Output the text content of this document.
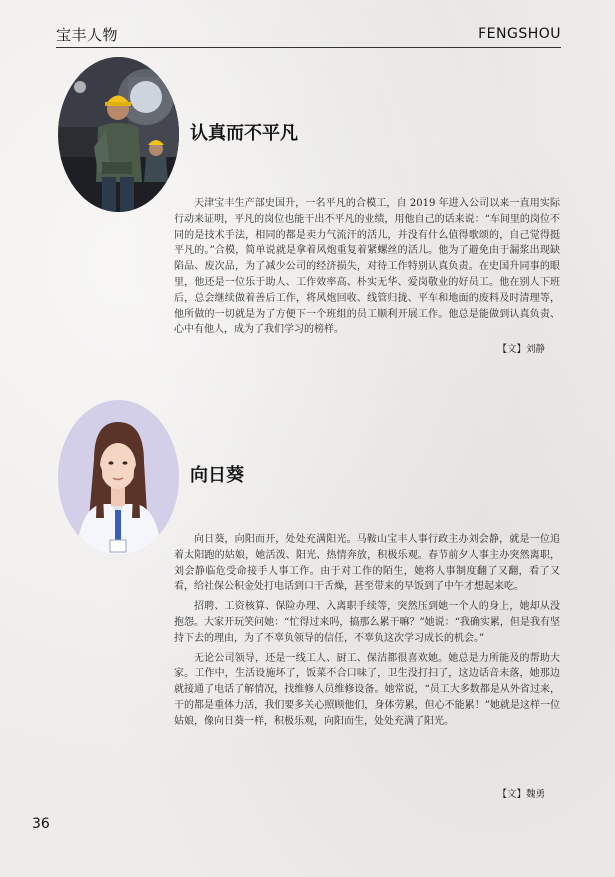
宝丰人物	FENGSHOU
认真而不平凡

天津宝丰生产部史国升，一名平凡的合模工，自 2019 年进入公司以来一直用实际行动来证明，平凡的岗位也能干出不平凡的业绩，用他自己的话来说：“车间里的岗位不同的是技术手法，相同的都是卖力气流汗的活儿，并没有什么值得歌颂的，自己觉得挺平凡的。”合模，简单说就是拿着风炮重复着紧螺丝的活儿。他为了避免由于漏浆出现缺陷品、废次品，为了减少公司的经济损失，对待工作特别认真负责。在史国升同事的眼里，他还是一位乐于助人、工作效率高、朴实无华、爱岗敬业的好员工。他在别人下班后，总会继续做着善后工作，将风炮回收、线管归拢、平车和地面的废料及时清理等，他所做的一切就是为了方便下一个班组的员工顺利开展工作。他总是能做到认真负责、心中有他人，成为了我们学习的榜样。

【文】刘静
向日葵

向日葵，向阳而开，处处充满阳光。马鞍山宝丰人事行政主办刘会静，就是一位追着太阳跑的姑娘，她活泼、阳光、热情奔放，积极乐观。春节前夕人事主办突然离职，刘会静临危受命接手人事工作。由于对工作的陌生，她将人事制度翻了又翻，看了又看，给社保公积金处打电话到口干舌燥，甚至带来的早饭到了中午才想起来吃。

招聘、工资核算、保险办理、入离职手续等，突然压到她一个人的身上，她却从没抱怨。大家开玩笑问她：“忙得过来吗，搞那么累干嘛？”她说：“我确实累，但是我有坚持下去的理由，为了不辜负领导的信任，不辜负这次学习成长的机会。”

无论公司领导，还是一线工人、厨工、保洁都很喜欢她。她总是力所能及的帮助大家。工作中，生活设施坏了，饭菜不合口味了，卫生没打扫了，这边话音未落，她那边就接通了电话了解情况，找维修人员维修设备。她常说，“员工大多数都是从外省过来，干的都是重体力活，我们要多关心照顾他们，身体劳累，但心不能累！”她就是这样一位姑娘，像向日葵一样，积极乐观，向阳而生，处处充满了阳光。

【文】魏勇
36
